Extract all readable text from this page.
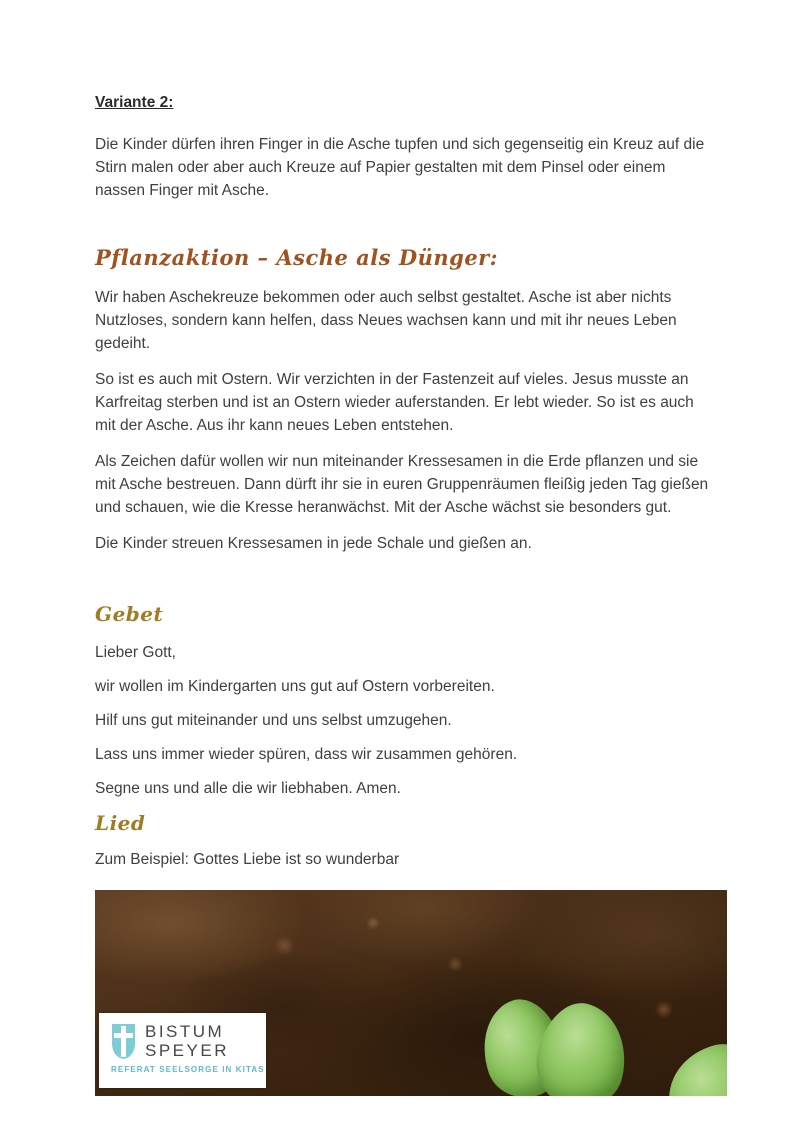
Variante 2:

Die Kinder dürfen ihren Finger in die Asche tupfen und sich gegenseitig ein Kreuz auf die Stirn malen oder aber auch Kreuze auf Papier gestalten mit dem Pinsel oder einem nassen Finger mit Asche.

Pflanzaktion – Asche als Dünger:

Wir haben Aschekreuze bekommen oder auch selbst gestaltet. Asche ist aber nichts Nutzloses, sondern kann helfen, dass Neues wachsen kann und mit ihr neues Leben gedeiht.

So ist es auch mit Ostern. Wir verzichten in der Fastenzeit auf vieles. Jesus musste an Karfreitag sterben und ist an Ostern wieder auferstanden. Er lebt wieder. So ist es auch mit der Asche. Aus ihr kann neues Leben entstehen.

Als Zeichen dafür wollen wir nun miteinander Kressesamen in die Erde pflanzen und sie mit Asche bestreuen. Dann dürft ihr sie in euren Gruppenräumen fleißig jeden Tag gießen und schauen, wie die Kresse heranwächst. Mit der Asche wächst sie besonders gut.

Die Kinder streuen Kressesamen in jede Schale und gießen an.

Gebet

Lieber Gott,

wir wollen im Kindergarten uns gut auf Ostern vorbereiten.

Hilf uns gut miteinander und uns selbst umzugehen.

Lass uns immer wieder spüren, dass wir zusammen gehören.

Segne uns und alle die wir liebhaben. Amen.

Lied

Zum Beispiel: Gottes Liebe ist so wunderbar

BISTUM
SPEYER
REFERAT SEELSORGE IN KITAS
